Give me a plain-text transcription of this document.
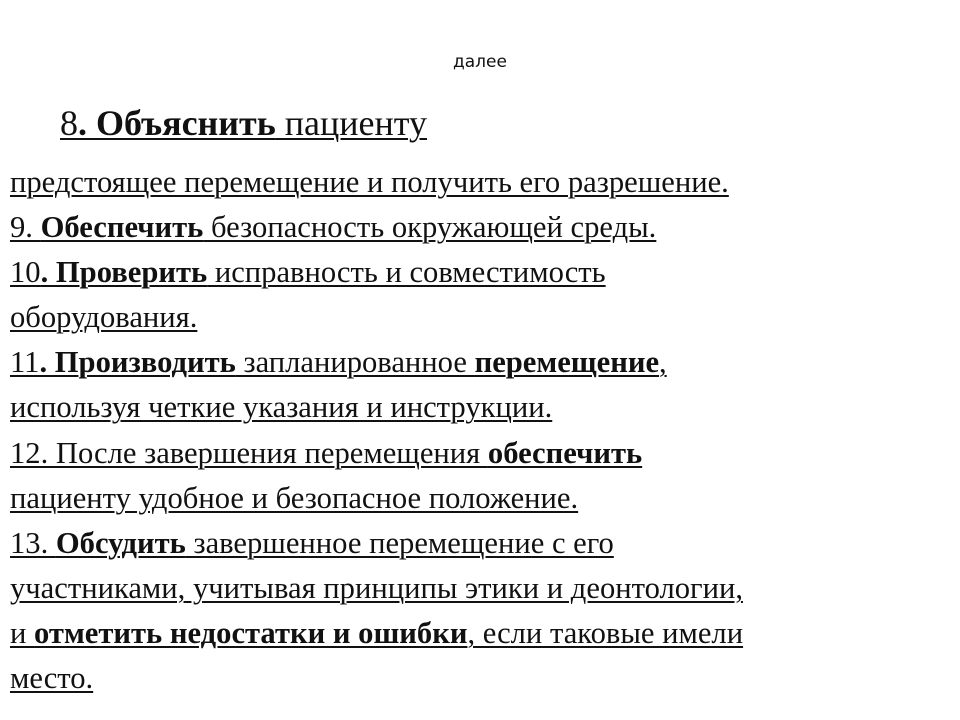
далее
8. Объяснить пациенту
предстоящее перемещение и получить его разрешение.
9. Обеспечить безопасность окружающей среды.
10. Проверить исправность и совместимость
оборудования.
11. Производить запланированное перемещение,
используя четкие указания и инструкции.
12. После завершения перемещения обеспечить
пациенту удобное и безопасное положение.
13. Обсудить завершенное перемещение с его
участниками, учитывая принципы этики и деонтологии,
и отметить недостатки и ошибки, если таковые имели
место.
